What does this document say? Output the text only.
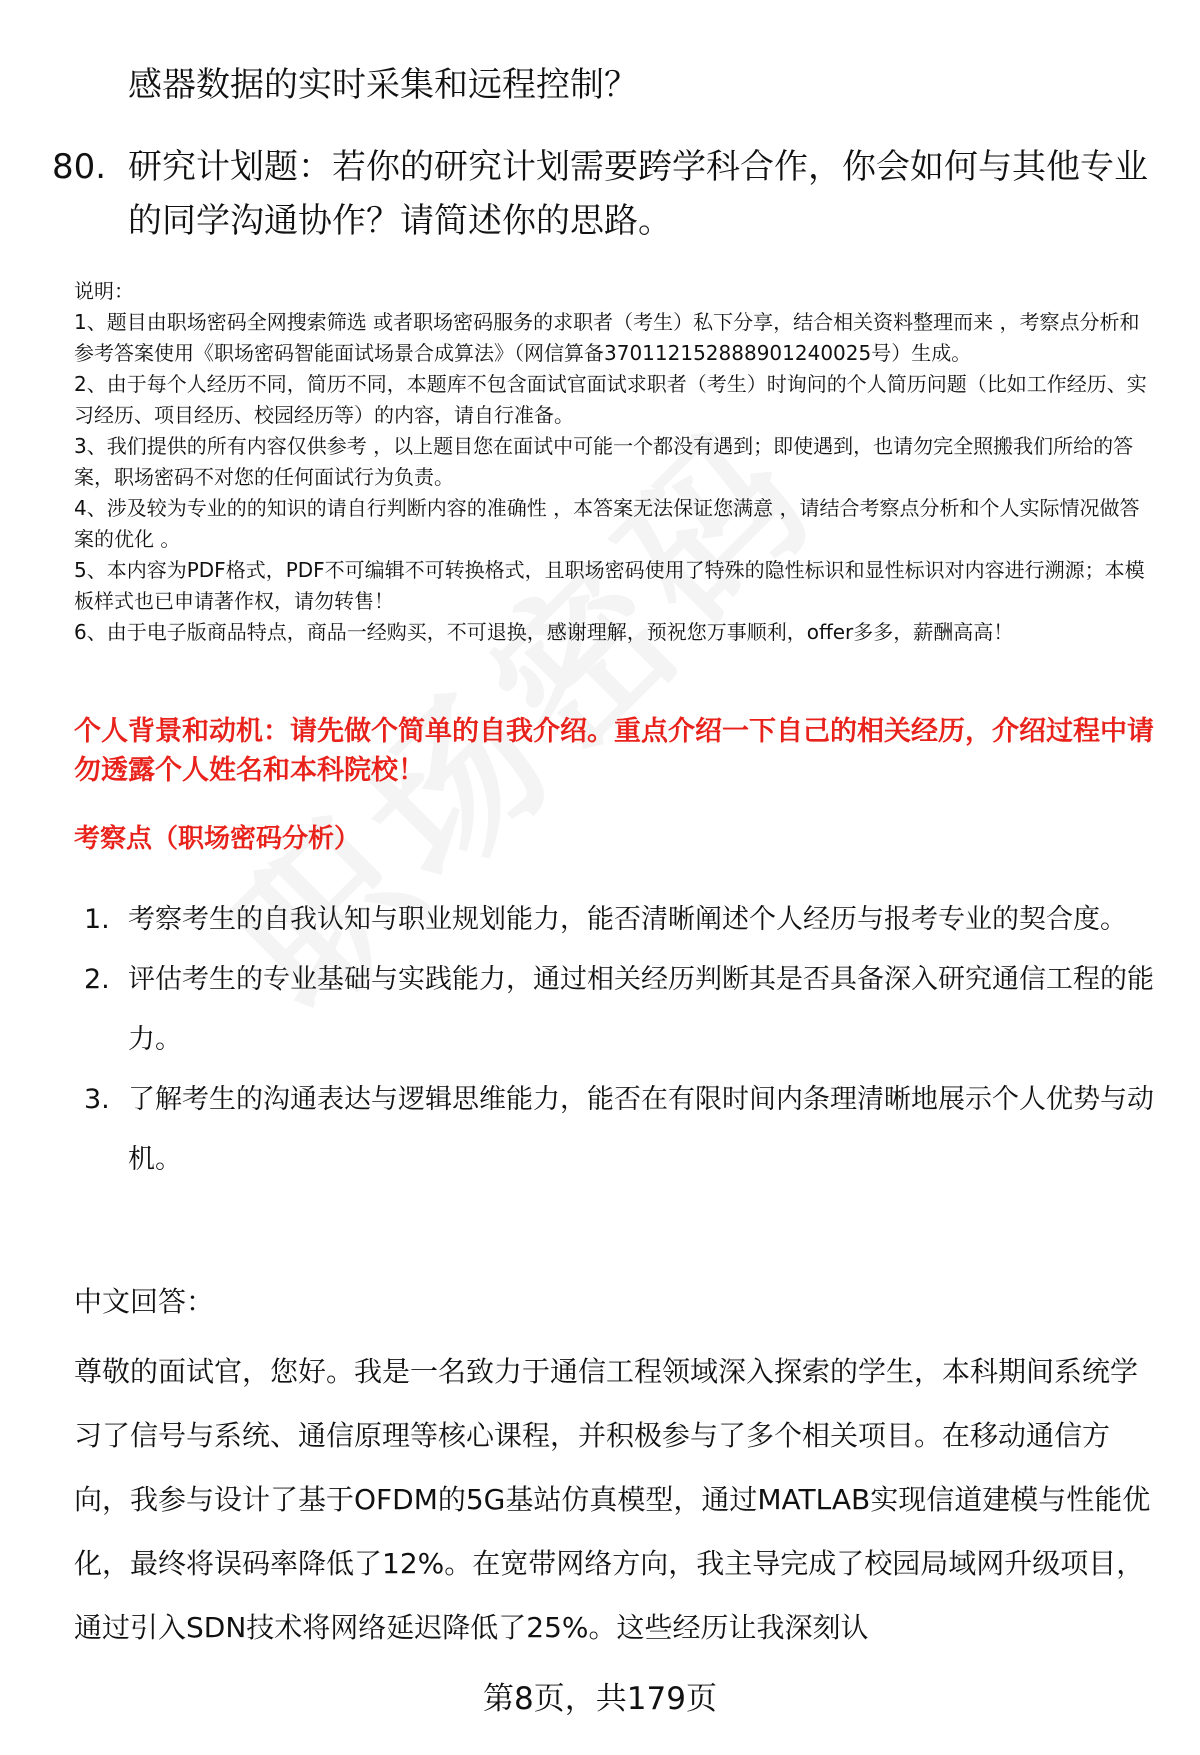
感器数据的实时采集和远程控制？
80. 研究计划题：若你的研究计划需要跨学科合作，你会如何与其他专业的同学沟通协作？请简述你的思路。
说明：
1、题目由职场密码全网搜索筛选 或者职场密码服务的求职者（考生）私下分享，结合相关资料整理而来 ，考察点分析和参考答案使用《职场密码智能面试场景合成算法》（网信算备370112152888901240025号）生成。
2、由于每个人经历不同，简历不同，本题库不包含面试官面试求职者（考生）时询问的个人简历问题（比如工作经历、实习经历、项目经历、校园经历等）的内容，请自行准备。
3、我们提供的所有内容仅供参考 ，以上题目您在面试中可能一个都没有遇到；即使遇到，也请勿完全照搬我们所给的答案，职场密码不对您的任何面试行为负责。
4、涉及较为专业的的知识的请自行判断内容的准确性 ，本答案无法保证您满意 ，请结合考察点分析和个人实际情况做答案的优化 。
5、本内容为PDF格式，PDF不可编辑不可转换格式，且职场密码使用了特殊的隐性标识和显性标识对内容进行溯源；本模板样式也已申请著作权，请勿转售！
6、由于电子版商品特点，商品一经购买，不可退换，感谢理解，预祝您万事顺利，offer多多，薪酬高高！
个人背景和动机：请先做个简单的自我介绍。重点介绍一下自己的相关经历，介绍过程中请勿透露个人姓名和本科院校！
考察点（职场密码分析）
1. 考察考生的自我认知与职业规划能力，能否清晰阐述个人经历与报考专业的契合度。
2. 评估考生的专业基础与实践能力，通过相关经历判断其是否具备深入研究通信工程的能力。
3. 了解考生的沟通表达与逻辑思维能力，能否在有限时间内条理清晰地展示个人优势与动机。
中文回答：
尊敬的面试官，您好。我是一名致力于通信工程领域深入探索的学生，本科期间系统学习了信号与系统、通信原理等核心课程，并积极参与了多个相关项目。在移动通信方向，我参与设计了基于OFDM的5G基站仿真模型，通过MATLAB实现信道建模与性能优化，最终将误码率降低了12%。在宽带网络方向，我主导完成了校园局域网升级项目，通过引入SDN技术将网络延迟降低了25%。这些经历让我深刻认
第8页，共179页
